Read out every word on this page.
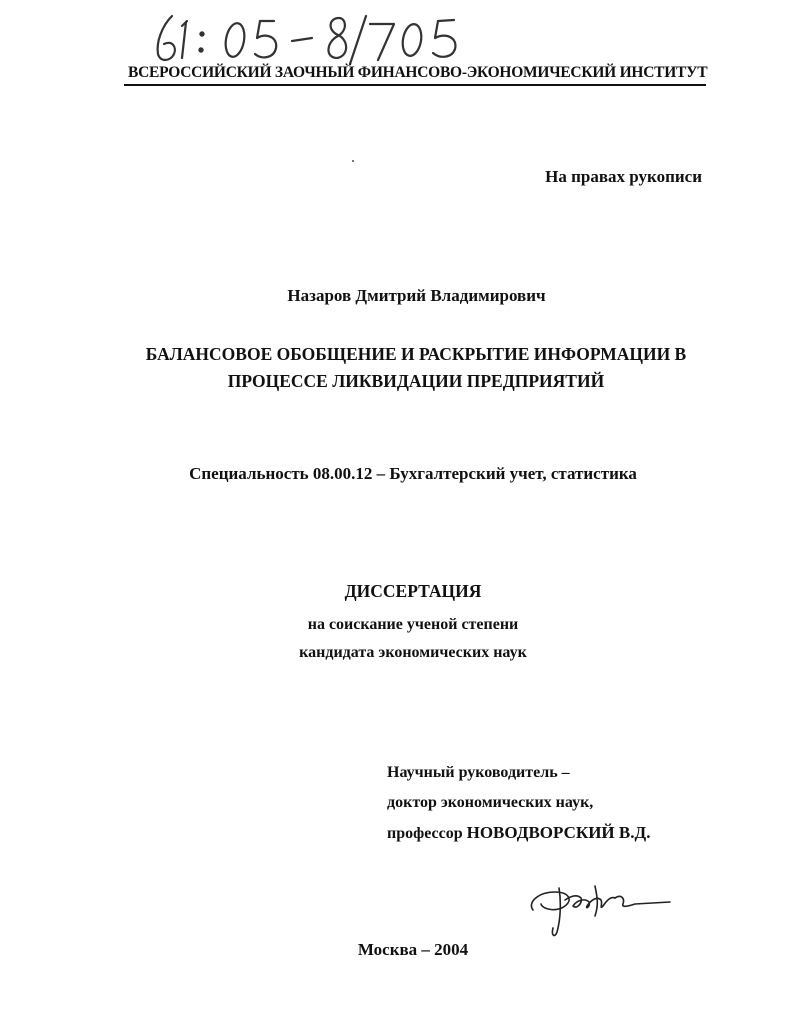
ВСЕРОССИЙСКИЙ ЗАОЧНЫЙ ФИНАНСОВО-ЭКОНОМИЧЕСКИЙ ИНСТИТУТ
На правах рукописи
Назаров Дмитрий Владимирович
БАЛАНСОВОЕ ОБОБЩЕНИЕ И РАСКРЫТИЕ ИНФОРМАЦИИ В
ПРОЦЕССЕ ЛИКВИДАЦИИ ПРЕДПРИЯТИЙ
Специальность 08.00.12 – Бухгалтерский учет, статистика
ДИССЕРТАЦИЯ
на соискание ученой степени
кандидата экономических наук
Научный руководитель –
доктор экономических наук,
профессор НОВОДВОРСКИЙ В.Д.
Москва – 2004
